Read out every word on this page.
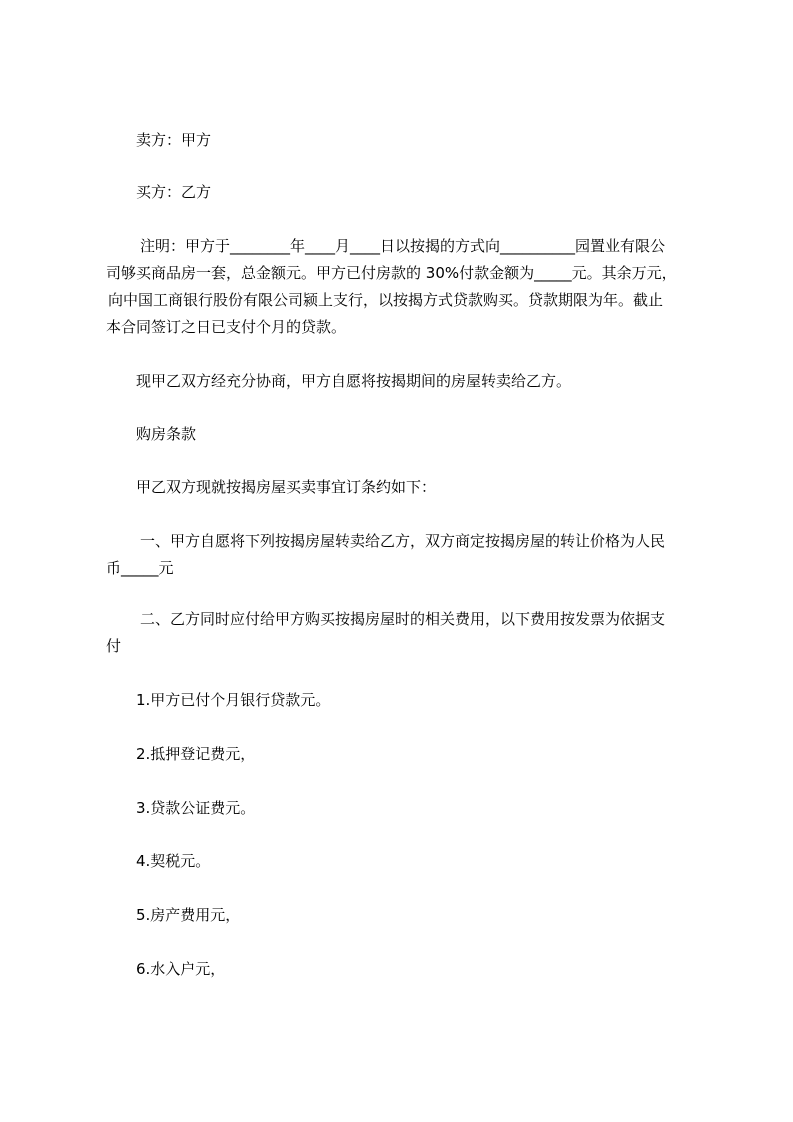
卖方：甲方

买方：乙方

注明：甲方于________年____月____日以按揭的方式向__________园置业有限公
司够买商品房一套，总金额元。甲方已付房款的 30%付款金额为_____元。其余万元，
向中国工商银行股份有限公司颍上支行，以按揭方式贷款购买。贷款期限为年。截止
本合同签订之日已支付个月的贷款。

现甲乙双方经充分协商，甲方自愿将按揭期间的房屋转卖给乙方。

购房条款

甲乙双方现就按揭房屋买卖事宜订条约如下：

一、甲方自愿将下列按揭房屋转卖给乙方，双方商定按揭房屋的转让价格为人民
币_____元
二、乙方同时应付给甲方购买按揭房屋时的相关费用，以下费用按发票为依据支
付

1.甲方已付个月银行贷款元。

2.抵押登记费元，

3.贷款公证费元。

4.契税元。

5.房产费用元，

6.水入户元，
